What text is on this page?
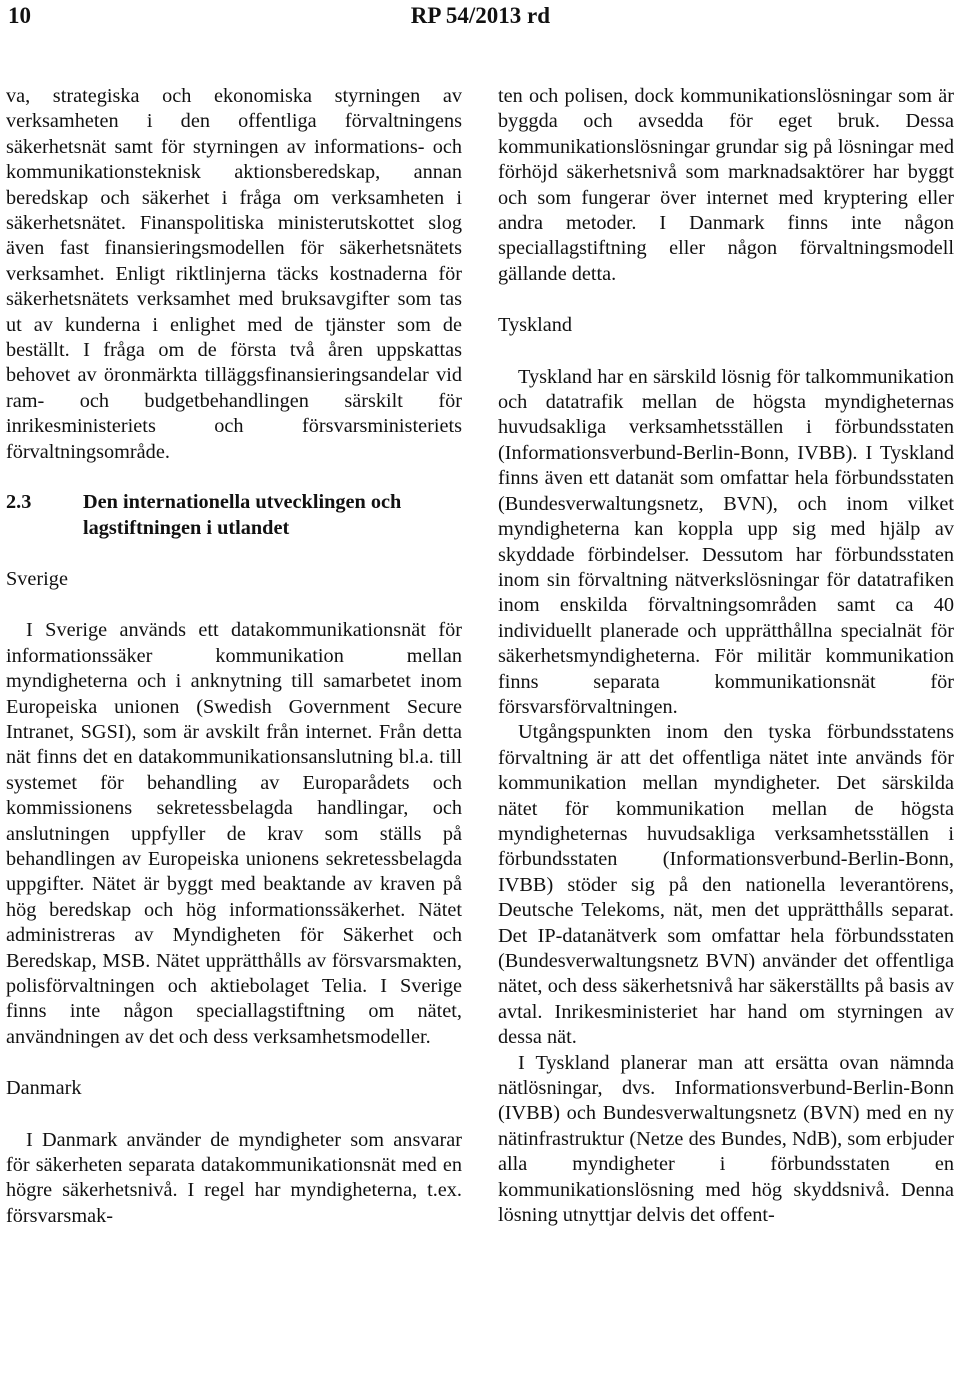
10	RP 54/2013 rd

va, strategiska och ekonomiska styrningen av verksamheten i den offentliga förvaltningens säkerhetsnät samt för styrningen av informations- och kommunikationsteknisk aktionsberedskap, annan beredskap och säkerhet i fråga om verksamheten i säkerhetsnätet. Finanspolitiska ministerutskottet slog även fast finansieringsmodellen för säkerhetsnätets verksamhet. Enligt riktlinjerna täcks kostnaderna för säkerhetsnätets verksamhet med bruksavgifter som tas ut av kunderna i enlighet med de tjänster som de beställt. I fråga om de första två åren uppskattas behovet av öronmärkta tilläggsfinansieringsandelar vid ram- och budgetbehandlingen särskilt för inrikesministeriets och försvarsministeriets förvaltningsområde.

2.3	Den internationella utvecklingen och lagstiftningen i utlandet

Sverige

I Sverige används ett datakommunikationsnät för informationssäker kommunikation mellan myndigheterna och i anknytning till samarbetet inom Europeiska unionen (Swedish Government Secure Intranet, SGSI), som är avskilt från internet. Från detta nät finns det en datakommunikationsanslutning bl.a. till systemet för behandling av Europarådets och kommissionens sekretessbelagda handlingar, och anslutningen uppfyller de krav som ställs på behandlingen av Europeiska unionens sekretessbelagda uppgifter. Nätet är byggt med beaktande av kraven på hög beredskap och hög informationssäkerhet. Nätet administreras av Myndigheten för Säkerhet och Beredskap, MSB. Nätet upprätthålls av försvarsmakten, polisförvaltningen och aktiebolaget Telia. I Sverige finns inte någon speciallagstiftning om nätet, användningen av det och dess verksamhetsmodeller.

Danmark

I Danmark använder de myndigheter som ansvarar för säkerheten separata datakommunikationsnät med en högre säkerhetsnivå. I regel har myndigheterna, t.ex. försvarsmak-

ten och polisen, dock kommunikationslösningar som är byggda och avsedda för eget bruk. Dessa kommunikationslösningar grundar sig på lösningar med förhöjd säkerhetsnivå som marknadsaktörer har byggt och som fungerar över internet med kryptering eller andra metoder. I Danmark finns inte någon speciallagstiftning eller någon förvaltningsmodell gällande detta.

Tyskland

Tyskland har en särskild lösnig för talkommunikation och datatrafik mellan de högsta myndigheternas huvudsakliga verksamhetsställen i förbundsstaten (Informationsverbund-Berlin-Bonn, IVBB). I Tyskland finns även ett datanät som omfattar hela förbundsstaten (Bundesverwaltungsnetz, BVN), och inom vilket myndigheterna kan koppla upp sig med hjälp av skyddade förbindelser. Dessutom har förbundsstaten inom sin förvaltning nätverkslösningar för datatrafiken inom enskilda förvaltningsområden samt ca 40 individuellt planerade och upprätthållna specialnät för säkerhetsmyndigheterna. För militär kommunikation finns separata kommunikationsnät för försvarsförvaltningen.

Utgångspunkten inom den tyska förbundsstatens förvaltning är att det offentliga nätet inte används för kommunikation mellan myndigheter. Det särskilda nätet för kommunikation mellan de högsta myndigheternas huvudsakliga verksamhetsställen i förbundsstaten (Informationsverbund-Berlin-Bonn, IVBB) stöder sig på den nationella leverantörens, Deutsche Telekoms, nät, men det upprätthålls separat. Det IP-datanätverk som omfattar hela förbundsstaten (Bundesverwaltungsnetz BVN) använder det offentliga nätet, och dess säkerhetsnivå har säkerställts på basis av avtal. Inrikesministeriet har hand om styrningen av dessa nät.

I Tyskland planerar man att ersätta ovan nämnda nätlösningar, dvs. Informationsverbund-Berlin-Bonn (IVBB) och Bundesverwaltungsnetz (BVN) med en ny nätinfrastruktur (Netze des Bundes, NdB), som erbjuder alla myndigheter i förbundsstaten en kommunikationslösning med hög skyddsnivå. Denna lösning utnyttjar delvis det offent-
